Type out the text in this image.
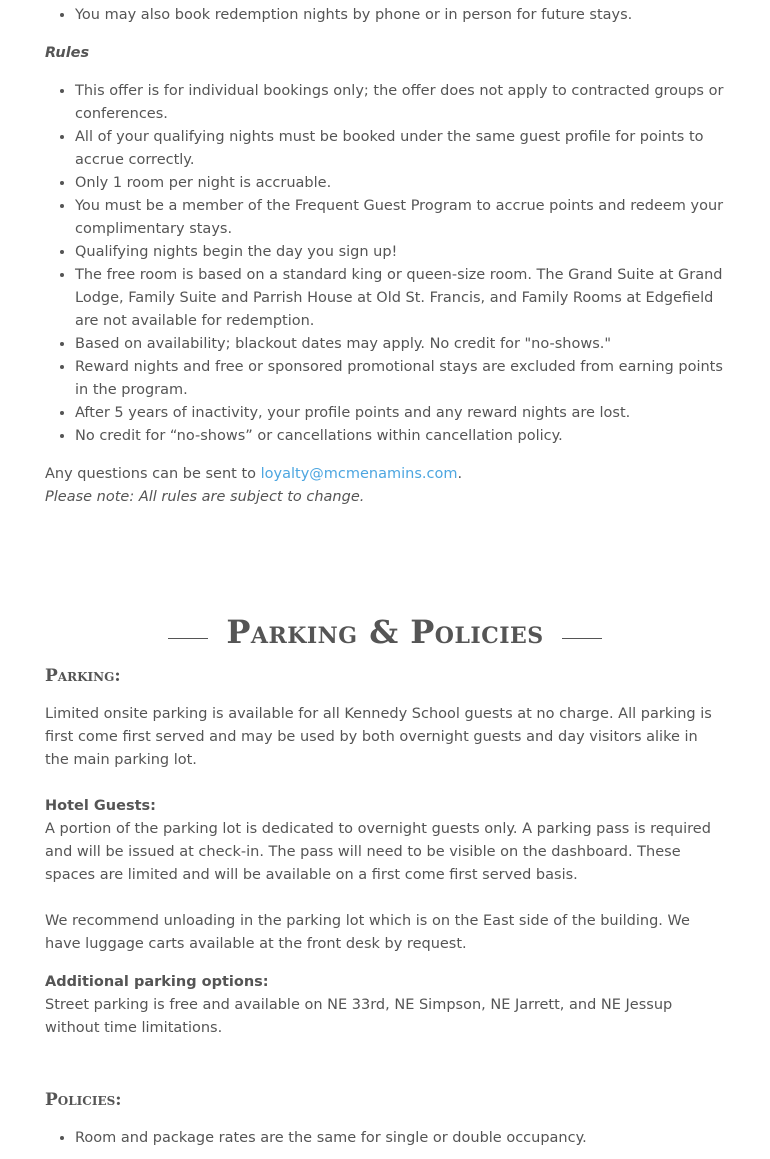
• You may also book redemption nights by phone or in person for future stays.

Rules

• This offer is for individual bookings only; the offer does not apply to contracted groups or conferences.
• All of your qualifying nights must be booked under the same guest profile for points to accrue correctly.
• Only 1 room per night is accruable.
• You must be a member of the Frequent Guest Program to accrue points and redeem your complimentary stays.
• Qualifying nights begin the day you sign up!
• The free room is based on a standard king or queen-size room. The Grand Suite at Grand Lodge, Family Suite and Parrish House at Old St. Francis, and Family Rooms at Edgefield are not available for redemption.
• Based on availability; blackout dates may apply. No credit for "no-shows."
• Reward nights and free or sponsored promotional stays are excluded from earning points in the program.
• After 5 years of inactivity, your profile points and any reward nights are lost.
• No credit for “no-shows” or cancellations within cancellation policy.

Any questions can be sent to loyalty@mcmenamins.com.

Please note: All rules are subject to change.

Parking & Policies

Parking:

Limited onsite parking is available for all Kennedy School guests at no charge. All parking is first come first served and may be used by both overnight guests and day visitors alike in the main parking lot.

Hotel Guests:

A portion of the parking lot is dedicated to overnight guests only. A parking pass is required and will be issued at check-in. The pass will need to be visible on the dashboard. These spaces are limited and will be available on a first come first served basis.

We recommend unloading in the parking lot which is on the East side of the building. We have luggage carts available at the front desk by request.

Additional parking options:

Street parking is free and available on NE 33rd, NE Simpson, NE Jarrett, and NE Jessup without time limitations.

Policies:

• Room and package rates are the same for single or double occupancy.
